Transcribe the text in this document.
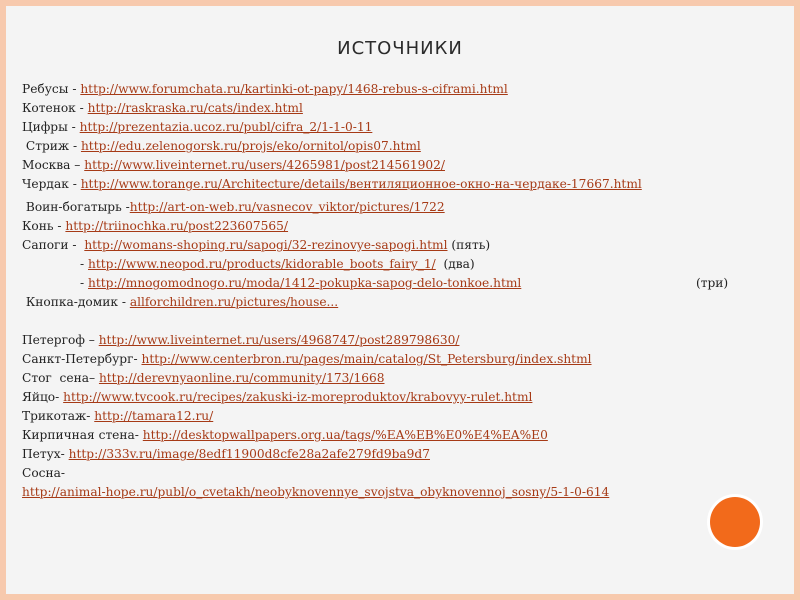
ИСТОЧНИКИ
Ребусы - http://www.forumchata.ru/kartinki-ot-papy/1468-rebus-s-ciframi.html
Котенок - http://raskraska.ru/cats/index.html
Цифры - http://prezentazia.ucoz.ru/publ/cifra_2/1-1-0-11
Стриж - http://edu.zelenogorsk.ru/projs/eko/ornitol/opis07.html
Москва – http://www.liveinternet.ru/users/4265981/post214561902/
Чердак - http://www.torange.ru/Architecture/details/вентиляционное-окно-на-чердаке-17667.html
Воин-богатырь -http://art-on-web.ru/vasnecov_viktor/pictures/1722
Конь - http://triinochka.ru/post223607565/
Сапоги -  http://womans-shoping.ru/sapogi/32-rezinovye-sapogi.html (пять)
- http://www.neopod.ru/products/kidorable_boots_fairy_1/  (два)
- http://mnogomodnogo.ru/moda/1412-pokupka-sapog-delo-tonkoe.html	(три)
Кнопка-домик - allforchildren.ru/pictures/house...
Петергоф – http://www.liveinternet.ru/users/4968747/post289798630/
Санкт-Петербург- http://www.centerbron.ru/pages/main/catalog/St_Petersburg/index.shtml
Стог  сена– http://derevnyaonline.ru/community/173/1668
Яйцо- http://www.tvcook.ru/recipes/zakuski-iz-moreproduktov/krabovyy-rulet.html
Трикотаж- http://tamara12.ru/
Кирпичная стена- http://desktopwallpapers.org.ua/tags/%EA%EB%E0%E4%EA%E0
Петух- http://333v.ru/image/8edf11900d8cfe28a2afe279fd9ba9d7
Сосна-
http://animal-hope.ru/publ/o_cvetakh/neobyknovennye_svojstva_obyknovennoj_sosny/5-1-0-614
